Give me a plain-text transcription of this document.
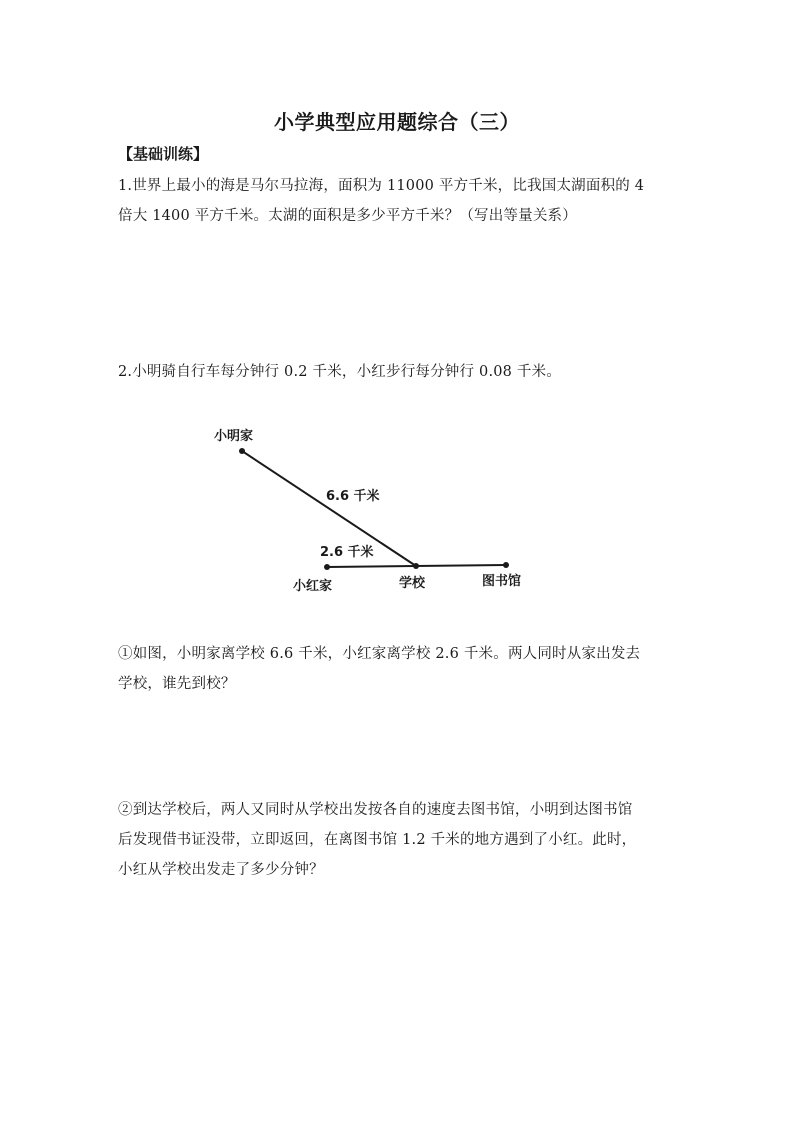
小学典型应用题综合（三）
【基础训练】
1.世界上最小的海是马尔马拉海，面积为 11000 平方千米，比我国太湖面积的 4
倍大 1400 平方千米。太湖的面积是多少平方千米？（写出等量关系）
2.小明骑自行车每分钟行 0.2 千米，小红步行每分钟行 0.08 千米。
小明家
6.6 千米
2.6 千米
小红家	学校	图书馆
①如图，小明家离学校 6.6 千米，小红家离学校 2.6 千米。两人同时从家出发去
学校，谁先到校？
②到达学校后，两人又同时从学校出发按各自的速度去图书馆，小明到达图书馆
后发现借书证没带，立即返回，在离图书馆 1.2 千米的地方遇到了小红。此时，
小红从学校出发走了多少分钟？
